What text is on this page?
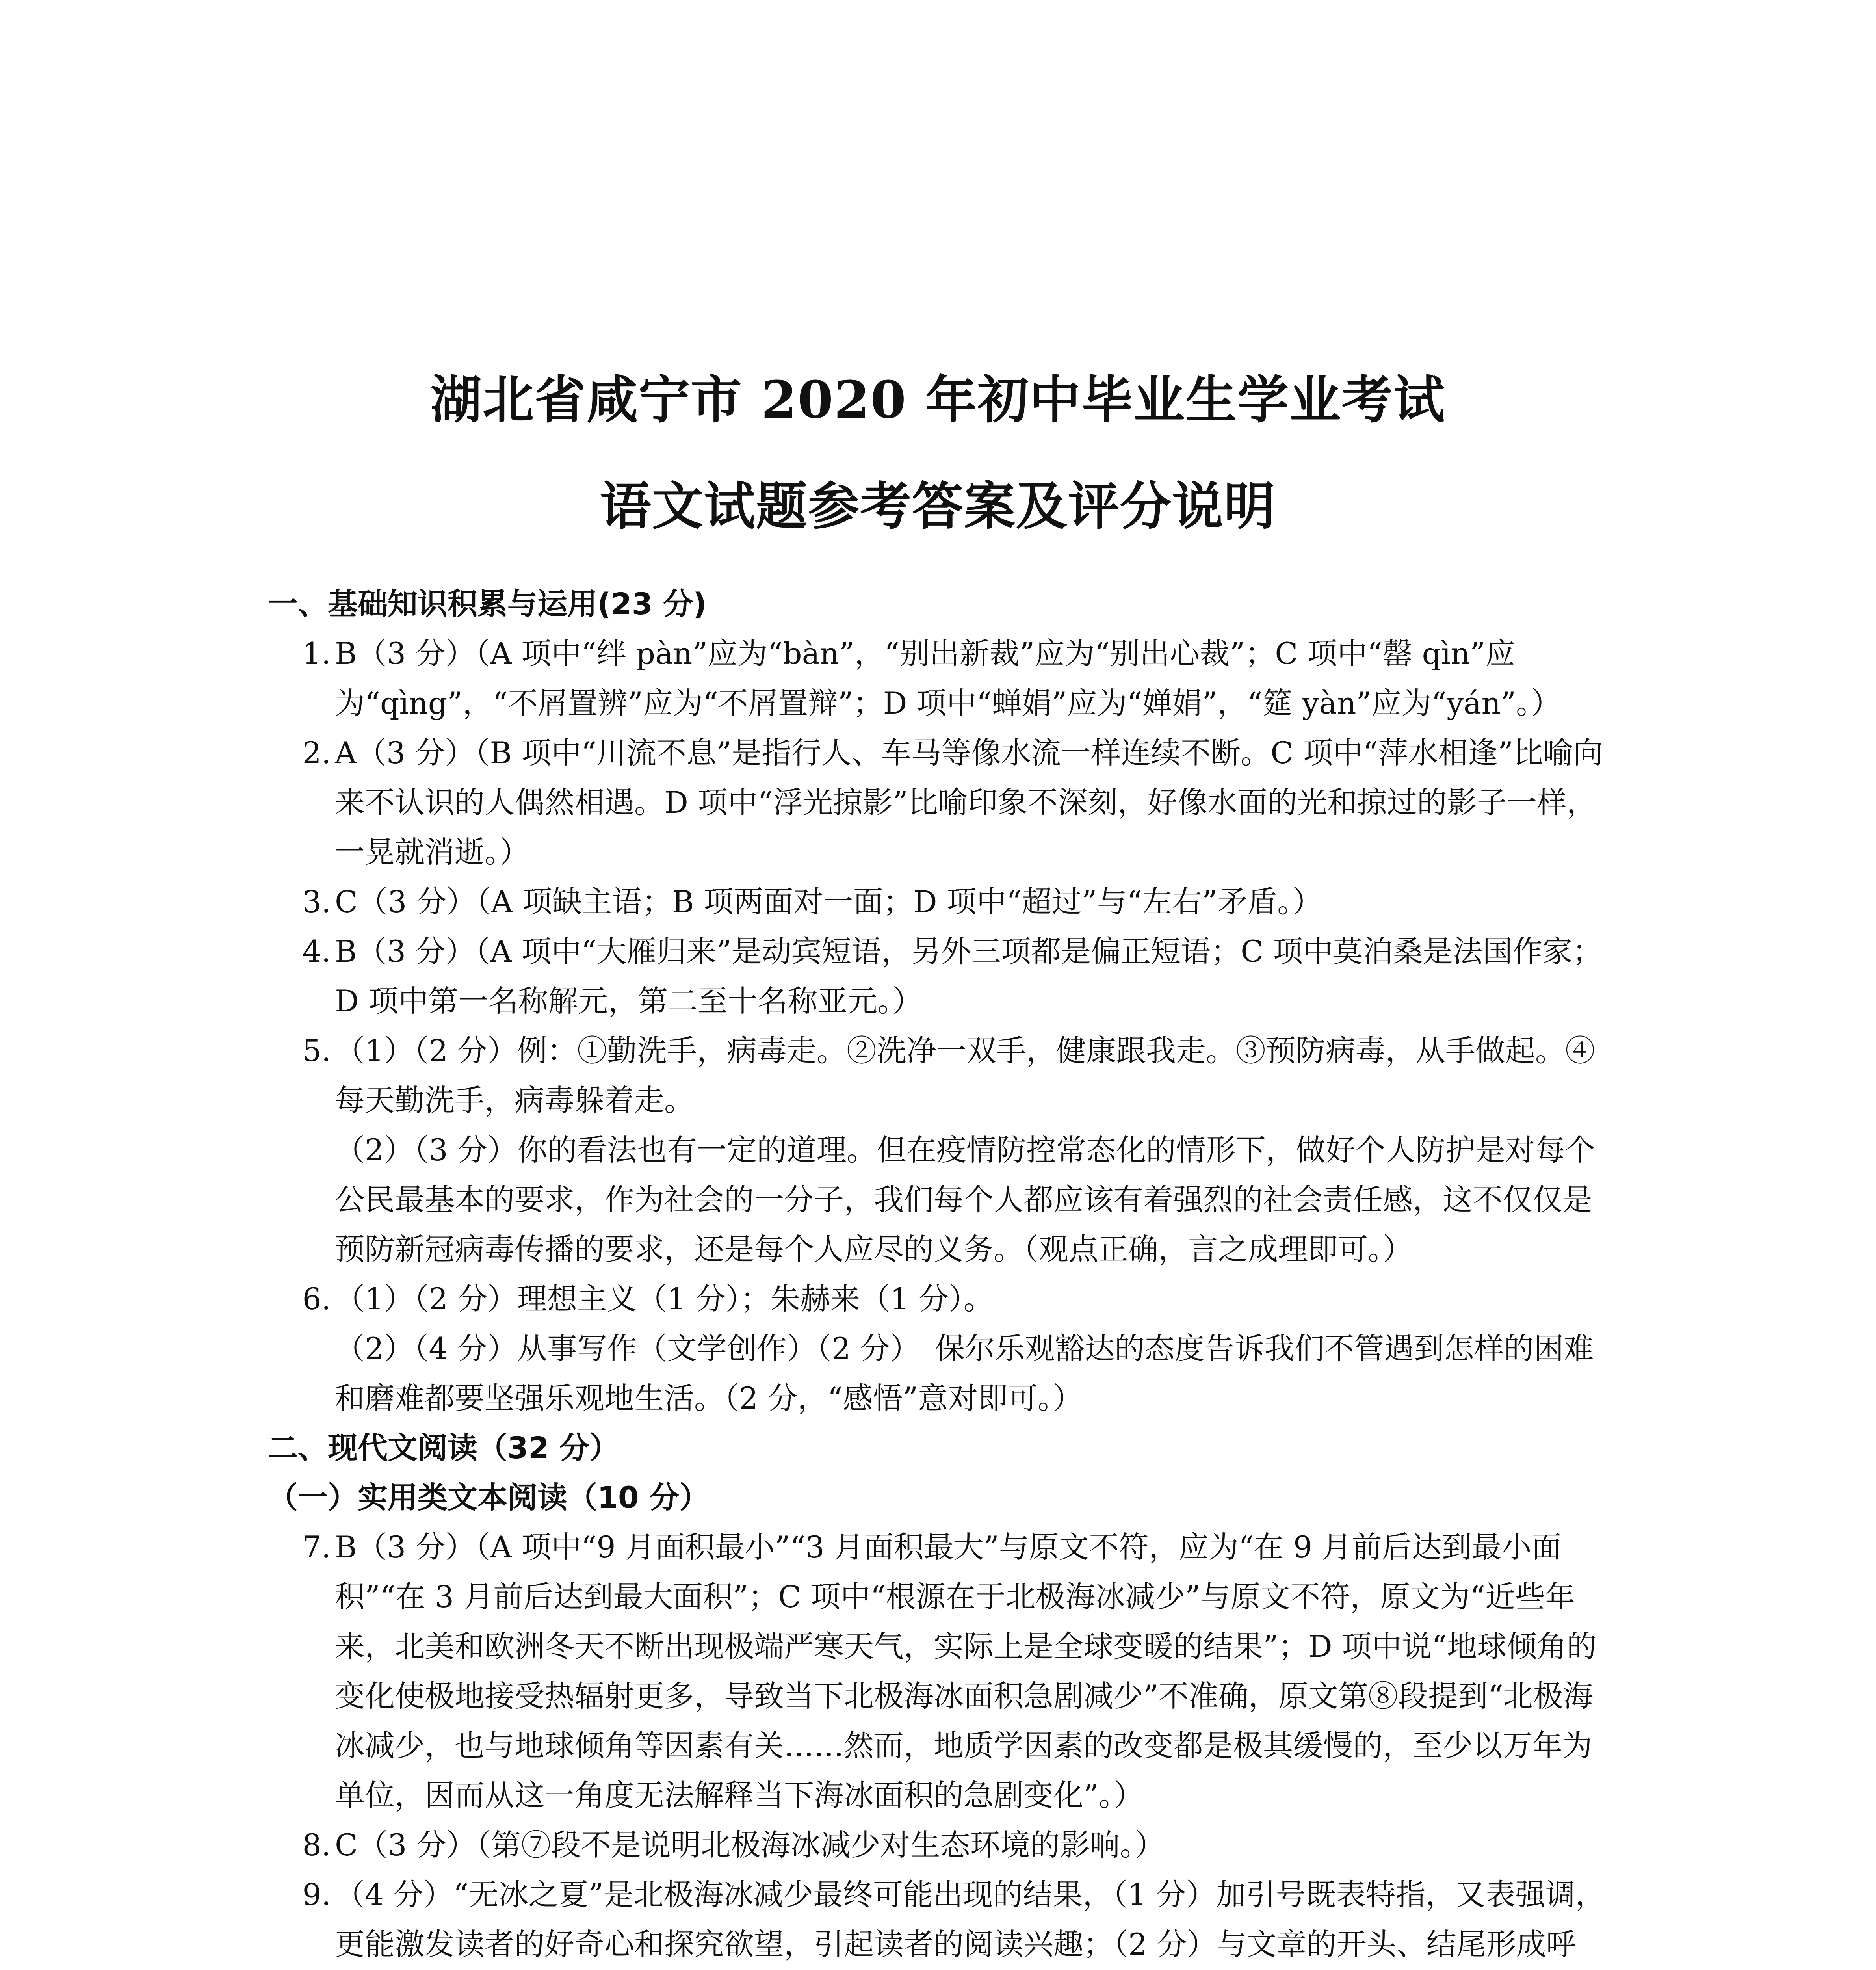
湖北省咸宁市 2020 年初中毕业生学业考试
语文试题参考答案及评分说明
一、基础知识积累与运用(23 分)
1. B（3 分）（A 项中“绊 pàn”应为“bàn”，“别出新裁”应为“别出心裁”；C 项中“罄 qìn”应为“qìng”，“不屑置辨”应为“不屑置辩”；D 项中“蝉娟”应为“婵娟”，“筵 yàn”应为“yán”。）

2. A（3 分）（B 项中“川流不息”是指行人、车马等像水流一样连续不断。C 项中“萍水相逢”比喻向来不认识的人偶然相遇。D 项中“浮光掠影”比喻印象不深刻，好像水面的光和掠过的影子一样，一晃就消逝。）

3. C（3 分）（A 项缺主语；B 项两面对一面；D 项中“超过”与“左右”矛盾。）

4. B（3 分）（A 项中“大雁归来”是动宾短语，另外三项都是偏正短语；C 项中莫泊桑是法国作家；D 项中第一名称解元，第二至十名称亚元。）

5. （1）（2 分）例：①勤洗手，病毒走。②洗净一双手，健康跟我走。③预防病毒，从手做起。④每天勤洗手，病毒躲着走。

（2）（3 分）你的看法也有一定的道理。但在疫情防控常态化的情形下，做好个人防护是对每个公民最基本的要求，作为社会的一分子，我们每个人都应该有着强烈的社会责任感，这不仅仅是预防新冠病毒传播的要求，还是每个人应尽的义务。（观点正确，言之成理即可。）

6. （1）（2 分）理想主义（1 分）；朱赫来（1 分）。

（2）（4 分）从事写作（文学创作）（2 分）　保尔乐观豁达的态度告诉我们不管遇到怎样的困难和磨难都要坚强乐观地生活。（2 分，“感悟”意对即可。）

二、现代文阅读（32 分）
（一）实用类文本阅读（10 分）
7. B（3 分）（A 项中“9 月面积最小”“3 月面积最大”与原文不符，应为“在 9 月前后达到最小面积”“在 3 月前后达到最大面积”；C 项中“根源在于北极海冰减少”与原文不符，原文为“近些年来，北美和欧洲冬天不断出现极端严寒天气，实际上是全球变暖的结果”；D 项中说“地球倾角的变化使极地接受热辐射更多，导致当下北极海冰面积急剧减少”不准确，原文第⑧段提到“北极海冰减少，也与地球倾角等因素有关……然而，地质学因素的改变都是极其缓慢的，至少以万年为单位，因而从这一角度无法解释当下海冰面积的急剧变化”。）

8. C（3 分）（第⑦段不是说明北极海冰减少对生态环境的影响。）

9. （4 分）“无冰之夏”是北极海冰减少最终可能出现的结果，（1 分）加引号既表特指，又表强调，更能激发读者的好奇心和探究欲望，引起读者的阅读兴趣；（2 分）与文章的开头、结尾形成呼
